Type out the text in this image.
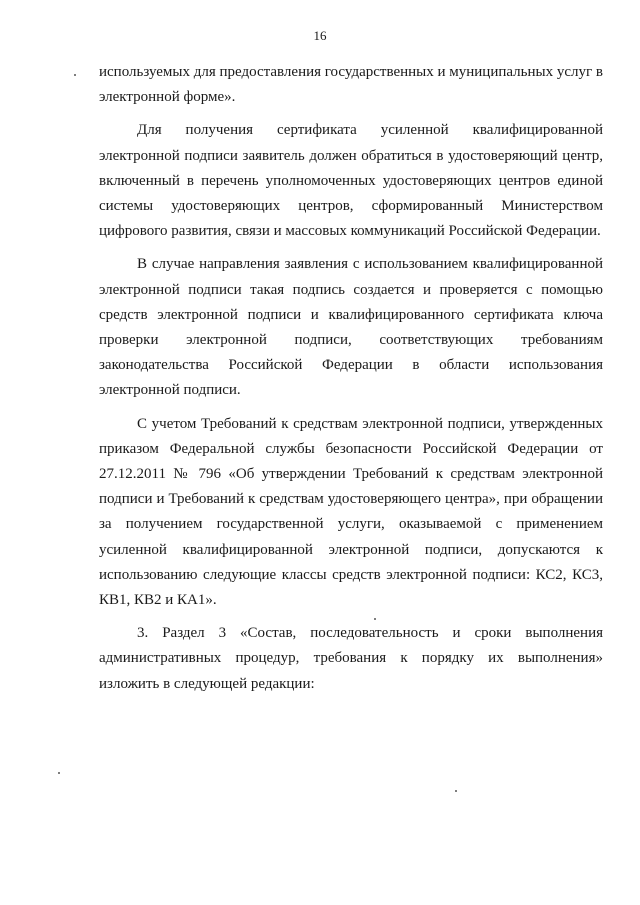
16

используемых для предоставления государственных и муниципальных услуг в электронной форме».

Для получения сертификата усиленной квалифицированной электронной подписи заявитель должен обратиться в удостоверяющий центр, включенный в перечень уполномоченных удостоверяющих центров единой системы удостоверяющих центров, сформированный Министерством цифрового развития, связи и массовых коммуникаций Российской Федерации.

В случае направления заявления с использованием квалифицированной электронной подписи такая подпись создается и проверяется с помощью средств электронной подписи и квалифицированного сертификата ключа проверки электронной подписи, соответствующих требованиям законодательства Российской Федерации в области использования электронной подписи.

С учетом Требований к средствам электронной подписи, утвержденных приказом Федеральной службы безопасности Российской Федерации от 27.12.2011 № 796 «Об утверждении Требований к средствам электронной подписи и Требований к средствам удостоверяющего центра», при обращении за получением государственной услуги, оказываемой с применением усиленной квалифицированной электронной подписи, допускаются к использованию следующие классы средств электронной подписи: КС2, КС3, КВ1, КВ2 и КА1».

3. Раздел 3 «Состав, последовательность и сроки выполнения административных процедур, требования к порядку их выполнения» изложить в следующей редакции:
